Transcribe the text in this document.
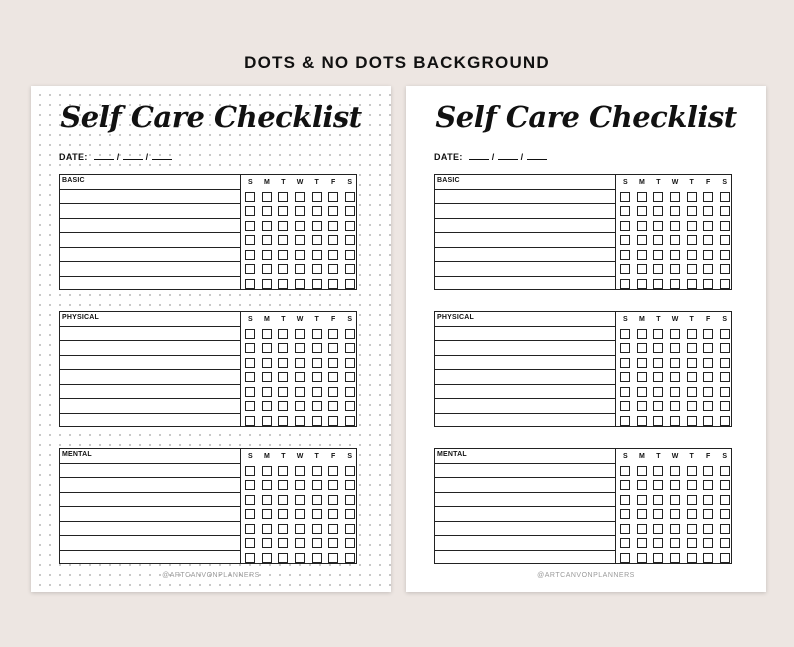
DOTS & NO DOTS BACKGROUND
Self Care Checklist
DATE:	/	/
BASIC	S	M	T	W	T	F	S
PHYSICAL	S	M	T	W	T	F	S
MENTAL	S	M	T	W	T	F	S
@ARTCANVONPLANNERS
Self Care Checklist
DATE:	/	/
BASIC	S	M	T	W	T	F	S
PHYSICAL	S	M	T	W	T	F	S
MENTAL	S	M	T	W	T	F	S
@ARTCANVONPLANNERS
